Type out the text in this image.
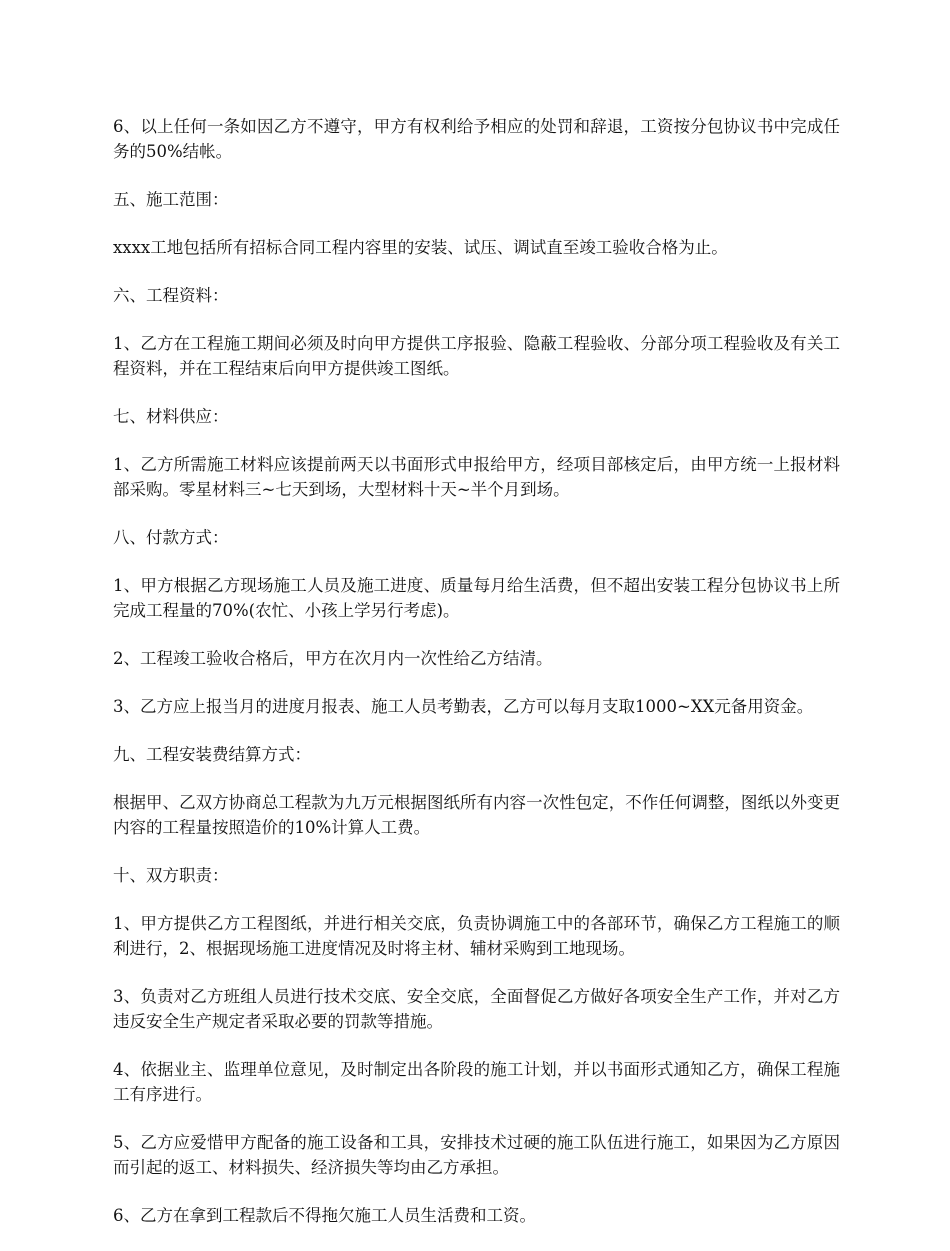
6、以上任何一条如因乙方不遵守，甲方有权利给予相应的处罚和辞退，工资按分包协议书中完成任务的50%结帐。

五、施工范围：

xxxx工地包括所有招标合同工程内容里的安装、试压、调试直至竣工验收合格为止。

六、工程资料：

1、乙方在工程施工期间必须及时向甲方提供工序报验、隐蔽工程验收、分部分项工程验收及有关工程资料，并在工程结束后向甲方提供竣工图纸。

七、材料供应：

1、乙方所需施工材料应该提前两天以书面形式申报给甲方，经项目部核定后，由甲方统一上报材料部采购。零星材料三~七天到场，大型材料十天~半个月到场。

八、付款方式：

1、甲方根据乙方现场施工人员及施工进度、质量每月给生活费，但不超出安装工程分包协议书上所完成工程量的70%(农忙、小孩上学另行考虑)。

2、工程竣工验收合格后，甲方在次月内一次性给乙方结清。

3、乙方应上报当月的进度月报表、施工人员考勤表，乙方可以每月支取1000~XX元备用资金。

九、工程安装费结算方式：

根据甲、乙双方协商总工程款为九万元根据图纸所有内容一次性包定，不作任何调整，图纸以外变更内容的工程量按照造价的10%计算人工费。

十、双方职责：

1、甲方提供乙方工程图纸，并进行相关交底，负责协调施工中的各部环节，确保乙方工程施工的顺利进行，2、根据现场施工进度情况及时将主材、辅材采购到工地现场。

3、负责对乙方班组人员进行技术交底、安全交底，全面督促乙方做好各项安全生产工作，并对乙方违反安全生产规定者采取必要的罚款等措施。

4、依据业主、监理单位意见，及时制定出各阶段的施工计划，并以书面形式通知乙方，确保工程施工有序进行。

5、乙方应爱惜甲方配备的施工设备和工具，安排技术过硬的施工队伍进行施工，如果因为乙方原因而引起的返工、材料损失、经济损失等均由乙方承担。

6、乙方在拿到工程款后不得拖欠施工人员生活费和工资。
